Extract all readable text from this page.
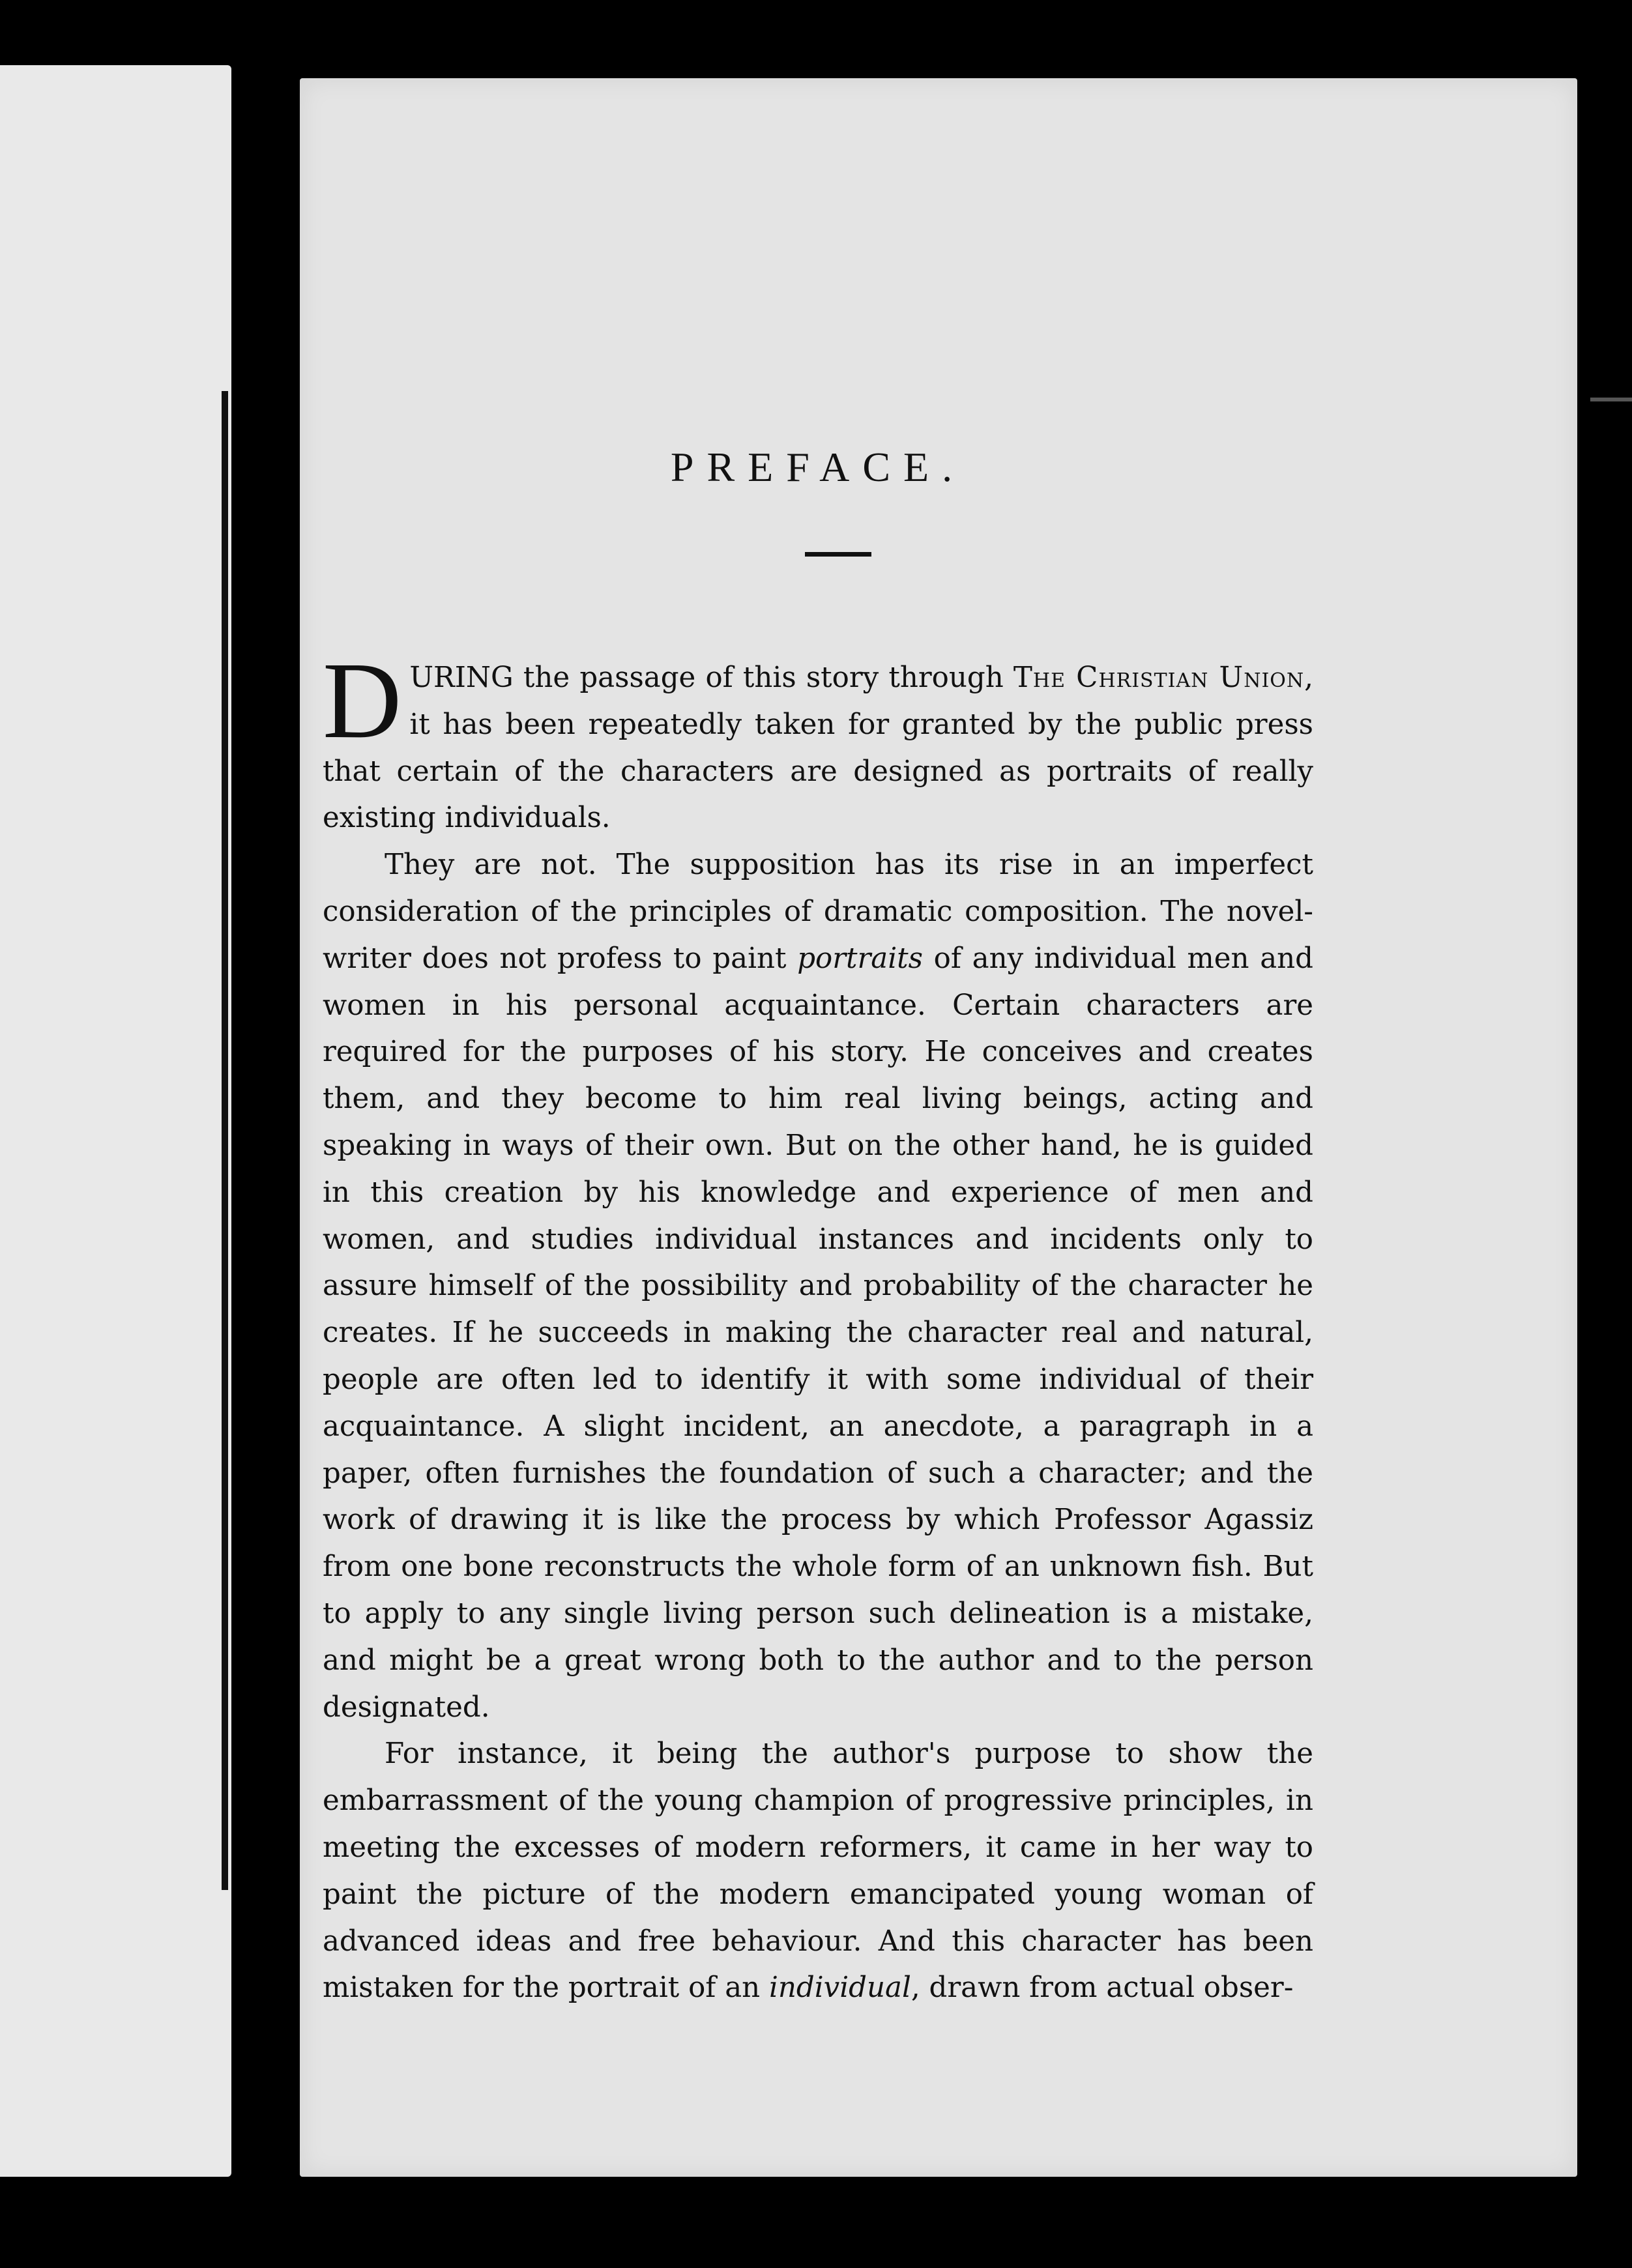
PREFACE.

DURING the passage of this story through The Christian Union, it has been repeatedly taken for granted by the public press that certain of the characters are designed as portraits of really existing individuals.

They are not. The supposition has its rise in an imperfect consideration of the principles of dramatic composition. The novel-writer does not profess to paint portraits of any individual men and women in his personal acquaintance. Certain characters are required for the purposes of his story. He conceives and creates them, and they become to him real living beings, acting and speaking in ways of their own. But on the other hand, he is guided in this creation by his knowledge and experience of men and women, and studies individual instances and incidents only to assure himself of the possibility and probability of the character he creates. If he succeeds in making the character real and natural, people are often led to identify it with some individual of their acquaintance. A slight incident, an anecdote, a paragraph in a paper, often furnishes the foundation of such a character; and the work of drawing it is like the process by which Professor Agassiz from one bone reconstructs the whole form of an unknown fish. But to apply to any single living person such delineation is a mistake, and might be a great wrong both to the author and to the person designated.

For instance, it being the author's purpose to show the embarrassment of the young champion of progressive principles, in meeting the excesses of modern reformers, it came in her way to paint the picture of the modern emancipated young woman of advanced ideas and free behaviour. And this character has been mistaken for the portrait of an individual, drawn from actual obser-
